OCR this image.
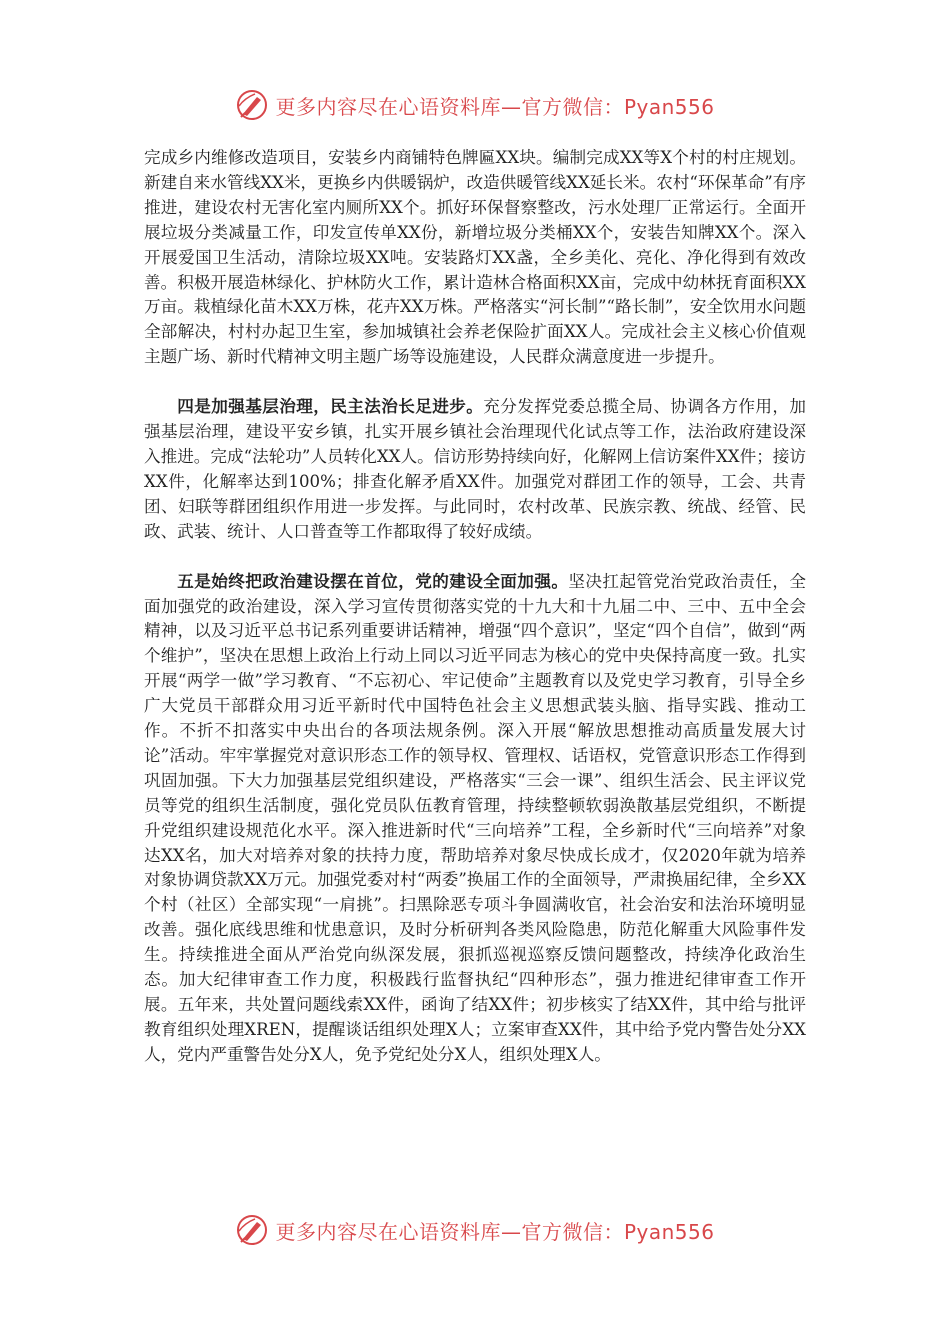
更多内容尽在心语资料库—官方微信：Pyan556

完成乡内维修改造项目，安装乡内商铺特色牌匾XX块。编制完成XX等X个村的村庄规划。新建自来水管线XX米，更换乡内供暖锅炉，改造供暖管线XX延长米。农村“环保革命”有序推进，建设农村无害化室内厕所XX个。抓好环保督察整改，污水处理厂正常运行。全面开展垃圾分类减量工作，印发宣传单XX份，新增垃圾分类桶XX个，安装告知牌XX个。深入开展爱国卫生活动，清除垃圾XX吨。安装路灯XX盏，全乡美化、亮化、净化得到有效改善。积极开展造林绿化、护林防火工作，累计造林合格面积XX亩，完成中幼林抚育面积XX万亩。栽植绿化苗木XX万株，花卉XX万株。严格落实“河长制”“路长制”，安全饮用水问题全部解决，村村办起卫生室，参加城镇社会养老保险扩面XX人。完成社会主义核心价值观主题广场、新时代精神文明主题广场等设施建设，人民群众满意度进一步提升。

四是加强基层治理，民主法治长足进步。充分发挥党委总揽全局、协调各方作用，加强基层治理，建设平安乡镇，扎实开展乡镇社会治理现代化试点等工作，法治政府建设深入推进。完成“法轮功”人员转化XX人。信访形势持续向好，化解网上信访案件XX件；接访XX件，化解率达到100%；排查化解矛盾XX件。加强党对群团工作的领导，工会、共青团、妇联等群团组织作用进一步发挥。与此同时，农村改革、民族宗教、统战、经管、民政、武装、统计、人口普查等工作都取得了较好成绩。

五是始终把政治建设摆在首位，党的建设全面加强。坚决扛起管党治党政治责任，全面加强党的政治建设，深入学习宣传贯彻落实党的十九大和十九届二中、三中、五中全会精神，以及习近平总书记系列重要讲话精神，增强“四个意识”，坚定“四个自信”，做到“两个维护”，坚决在思想上政治上行动上同以习近平同志为核心的党中央保持高度一致。扎实开展“两学一做”学习教育、“不忘初心、牢记使命”主题教育以及党史学习教育，引导全乡广大党员干部群众用习近平新时代中国特色社会主义思想武装头脑、指导实践、推动工作。不折不扣落实中央出台的各项法规条例。深入开展“解放思想推动高质量发展大讨论”活动。牢牢掌握党对意识形态工作的领导权、管理权、话语权，党管意识形态工作得到巩固加强。下大力加强基层党组织建设，严格落实“三会一课”、组织生活会、民主评议党员等党的组织生活制度，强化党员队伍教育管理，持续整顿软弱涣散基层党组织，不断提升党组织建设规范化水平。深入推进新时代“三向培养”工程，全乡新时代“三向培养”对象达XX名，加大对培养对象的扶持力度，帮助培养对象尽快成长成才，仅2020年就为培养对象协调贷款XX万元。加强党委对村“两委”换届工作的全面领导，严肃换届纪律，全乡XX个村（社区）全部实现“一肩挑”。扫黑除恶专项斗争圆满收官，社会治安和法治环境明显改善。强化底线思维和忧患意识，及时分析研判各类风险隐患，防范化解重大风险事件发生。持续推进全面从严治党向纵深发展，狠抓巡视巡察反馈问题整改，持续净化政治生态。加大纪律审查工作力度，积极践行监督执纪“四种形态”，强力推进纪律审查工作开展。五年来，共处置问题线索XX件，函询了结XX件；初步核实了结XX件，其中给与批评教育组织处理XREN，提醒谈话组织处理X人；立案审查XX件，其中给予党内警告处分XX人，党内严重警告处分X人，免予党纪处分X人，组织处理X人。

更多内容尽在心语资料库—官方微信：Pyan556
